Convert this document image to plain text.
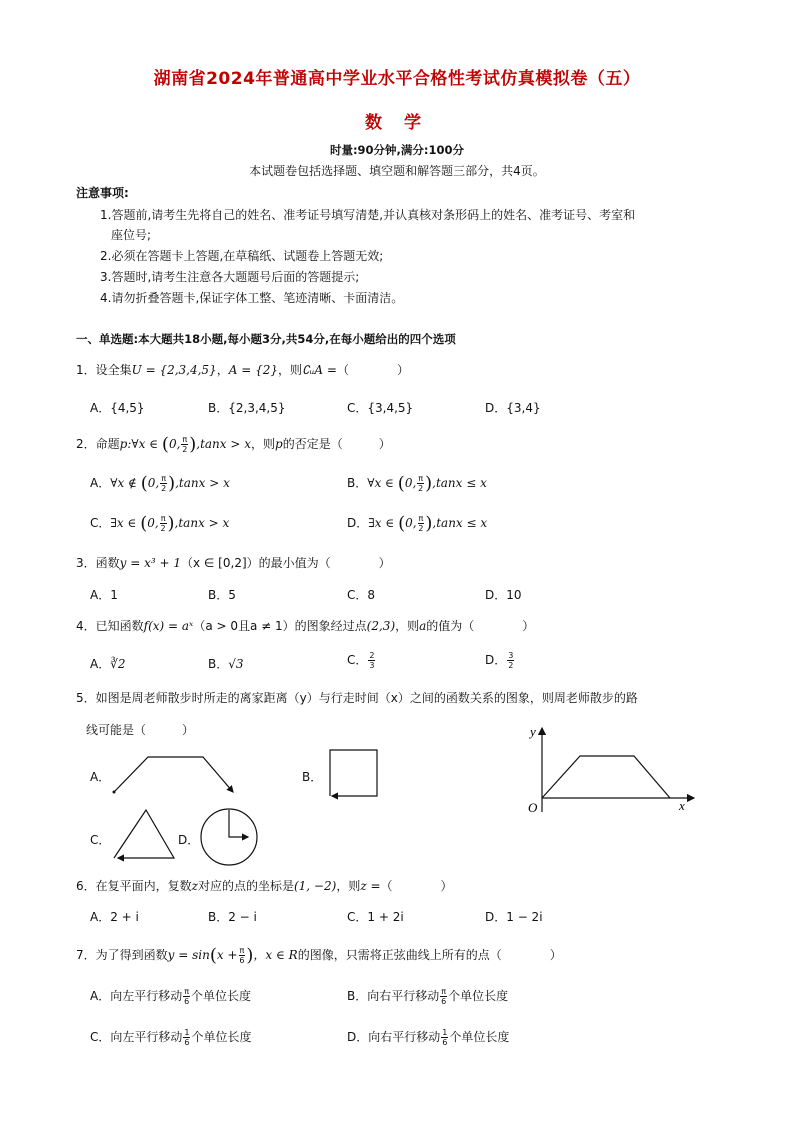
湖南省2024年普通高中学业水平合格性考试仿真模拟卷（五）
数 学
时量:90分钟,满分:100分
本试题卷包括选择题、填空题和解答题三部分，共4页。
注意事项:
1.答题前,请考生先将自己的姓名、准考证号填写清楚,并认真核对条形码上的姓名、准考证号、考室和
座位号;
2.必须在答题卡上答题,在草稿纸、试题卷上答题无效;
3.答题时,请考生注意各大题题号后面的答题提示;
4.请勿折叠答题卡,保证字体工整、笔迹清晰、卡面清洁。
一、单选题:本大题共18小题,每小题3分,共54分,在每小题给出的四个选项
1．设全集U = {2,3,4,5}，A = {2}，则∁ᵤA =（　　　　）
A．{4,5}	B．{2,3,4,5}	C．{3,4,5}	D．{3,4}
2．命题p:∀x ∈ (0, $\frac{\pi}{2} ),\tan x > x$，则p的否定是（　　　）
A．∀x ∉ (0, $\frac{\pi}{2} ),\tan x > x$	B．∀x ∈ (0, $\frac{\pi}{2} ),\tan x \le x$
C．∃x ∈ (0, $\frac{\pi}{2} ),\tan x > x$	D．∃x ∈ (0, $\frac{\pi}{2} ),\tan x \le x$
3．函数y = x³ + 1（x ∈ [0,2]）的最小值为（　　　　）
A．1	B．5	C．8	D．10
4．已知函数f(x) = aˣ（a > 0且a ≠ 1）的图象经过点(2,3)，则a的值为（　　　　）
A．∛2	B．√3	C． $\frac{2}{3}$	D． $\frac{3}{2}$
5．如图是周老师散步时所走的离家距离（y）与行走时间（x）之间的函数关系的图象，则周老师散步的路
线可能是（　　　）
A．	B．
C．	D．
y
x
O
6．在复平面内，复数z对应的点的坐标是(1, −2)，则z =（　　　　）
A．2 + i	B．2 − i	C．1 + 2i	D．1 − 2i
7．为了得到函数$y = \sin(x + \frac{\pi}{6}$ )，x ∈ R的图像，只需将正弦曲线上所有的点（　　　　）
A．向左平行移动 $\frac{\pi}{6}$ 个单位长度	B．向右平行移动 $\frac{\pi}{6}$ 个单位长度
C．向左平行移动 $\frac{1}{6}$ 个单位长度	D．向右平行移动 $\frac{1}{6}$ 个单位长度
